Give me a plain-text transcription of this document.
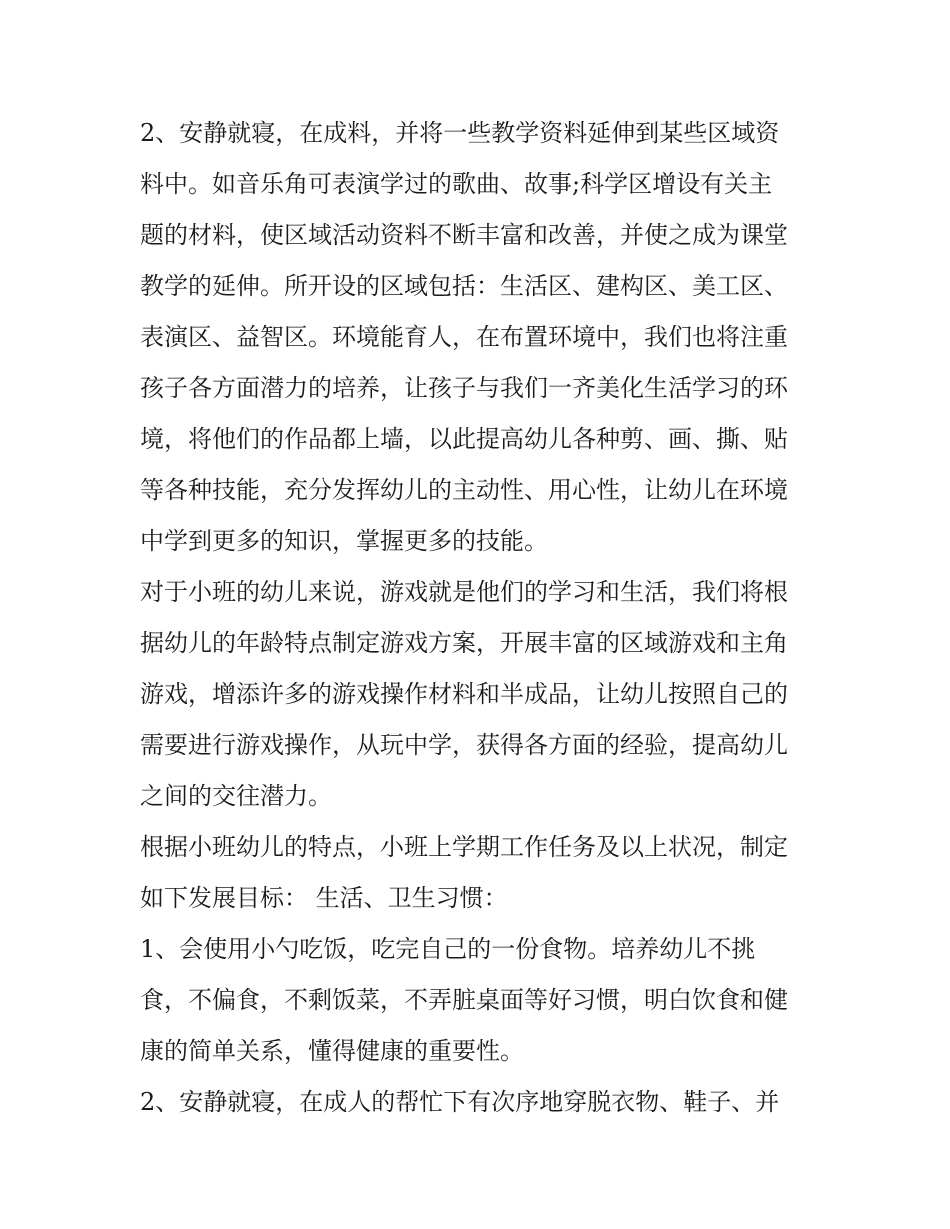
2、安静就寝，在成料，并将一些教学资料延伸到某些区域资
料中。如音乐角可表演学过的歌曲、故事;科学区增设有关主
题的材料，使区域活动资料不断丰富和改善，并使之成为课堂
教学的延伸。所开设的区域包括：生活区、建构区、美工区、
表演区、益智区。环境能育人，在布置环境中，我们也将注重
孩子各方面潜力的培养，让孩子与我们一齐美化生活学习的环
境，将他们的作品都上墙，以此提高幼儿各种剪、画、撕、贴
等各种技能，充分发挥幼儿的主动性、用心性，让幼儿在环境
中学到更多的知识，掌握更多的技能。
对于小班的幼儿来说，游戏就是他们的学习和生活，我们将根
据幼儿的年龄特点制定游戏方案，开展丰富的区域游戏和主角
游戏，增添许多的游戏操作材料和半成品，让幼儿按照自己的
需要进行游戏操作，从玩中学，获得各方面的经验，提高幼儿
之间的交往潜力。
根据小班幼儿的特点，小班上学期工作任务及以上状况，制定
如下发展目标： 生活、卫生习惯：
1、会使用小勺吃饭，吃完自己的一份食物。培养幼儿不挑
食，不偏食，不剩饭菜，不弄脏桌面等好习惯，明白饮食和健
康的简单关系，懂得健康的重要性。
2、安静就寝，在成人的帮忙下有次序地穿脱衣物、鞋子、并
